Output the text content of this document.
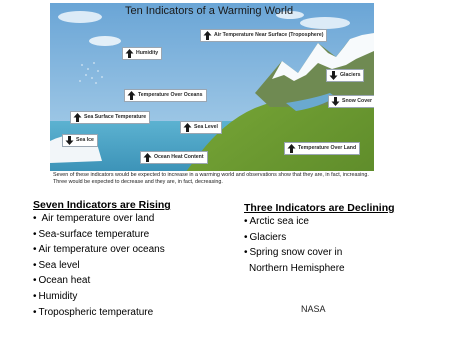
Ten Indicators of a Warming World
Air Temperature Near Surface (Troposphere)
Humidity
Glaciers
Temperature Over Oceans
Snow Cover
Sea Surface Temperature
Sea Level
Sea Ice
Temperature Over Land
Ocean Heat Content
Seven of these indicators would be expected to increase in a warming world and observations show that they are, in fact, increasing. Three would be expected to decrease and they are, in fact, decreasing.
Seven Indicators are Rising
• Air temperature over land
• Sea-surface temperature
• Air temperature over oceans
• Sea level
• Ocean heat
• Humidity
• Tropospheric temperature
Three Indicators are Declining
• Arctic sea ice
• Glaciers
• Spring snow cover in
Northern Hemisphere
NASA
